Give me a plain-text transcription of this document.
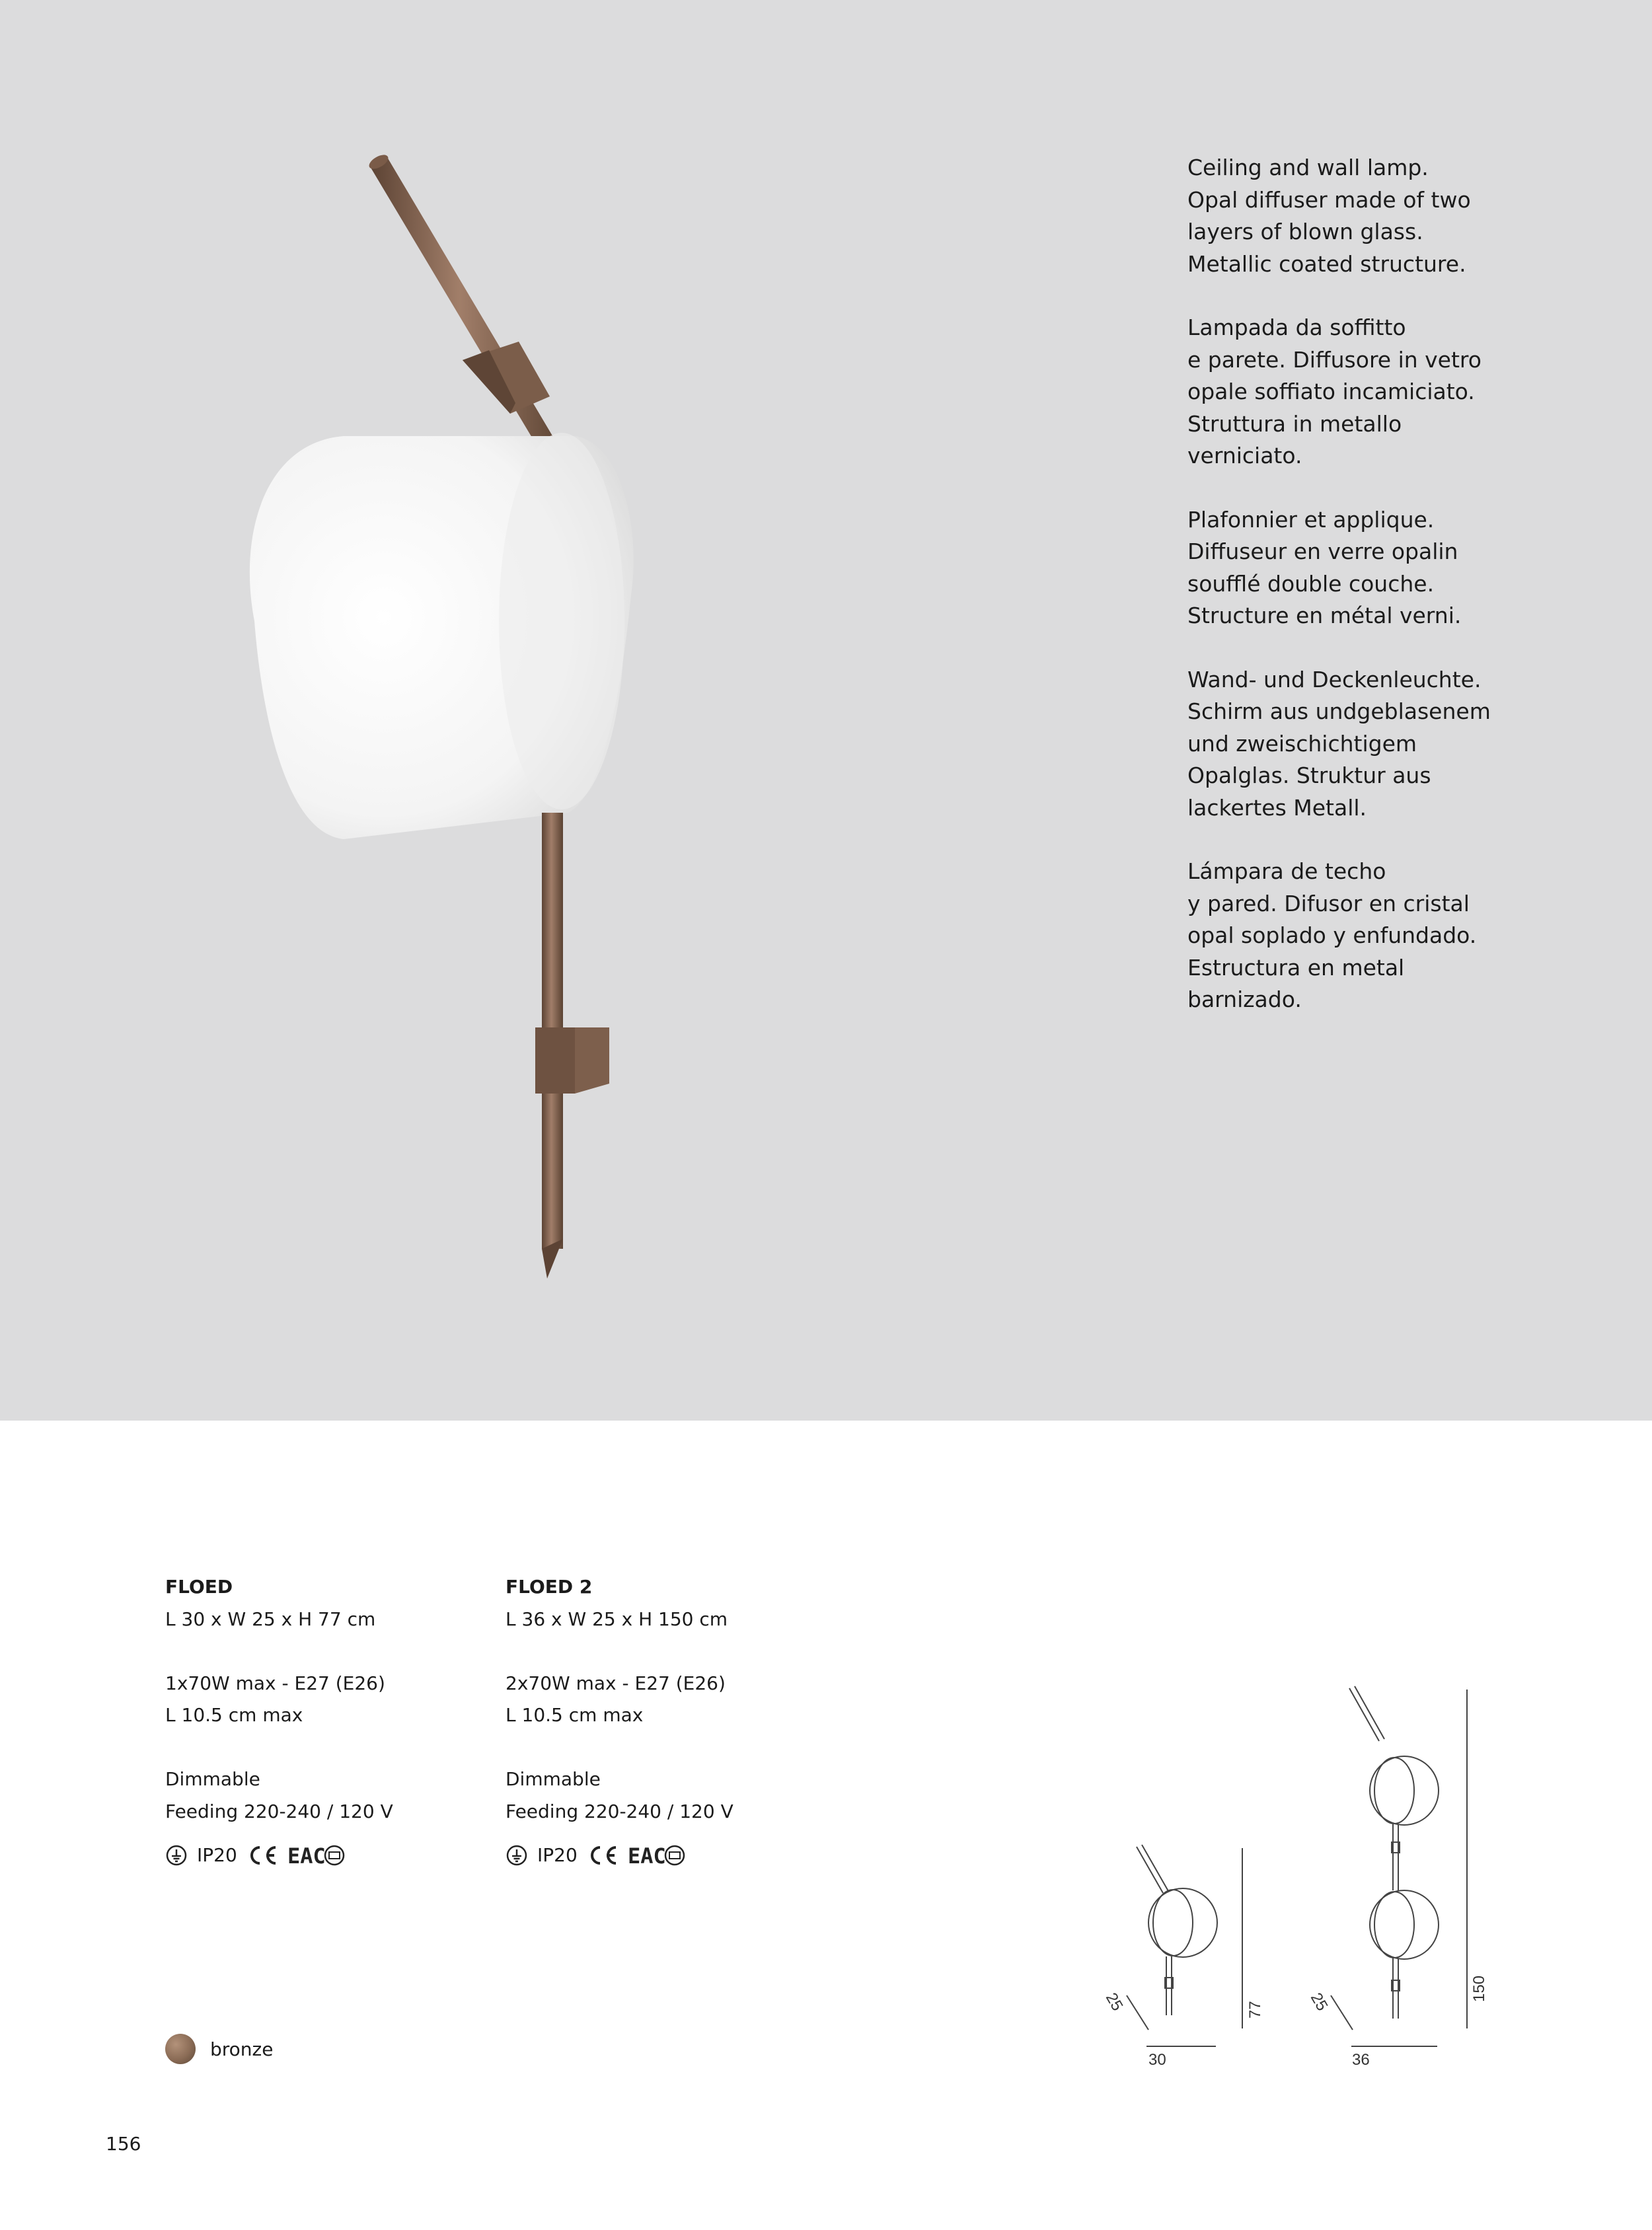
Ceiling and wall lamp.
Opal diffuser made of two
layers of blown glass.
Metallic coated structure.

Lampada da soffitto
e parete. Diffusore in vetro
opale soffiato incamiciato.
Struttura in metallo
verniciato.

Plafonnier et applique.
Diffuseur en verre opalin
soufflé double couche.
Structure en métal verni.

Wand- und Deckenleuchte.
Schirm aus undgeblasenem
und zweischichtigem
Opalglas. Struktur aus
lackertes Metall.

Lámpara de techo
y pared. Difusor en cristal
opal soplado y enfundado.
Estructura en metal
barnizado.

FLOED
L 30 x W 25 x H 77 cm
1x70W max - E27 (E26)
L 10.5 cm max
Dimmable
Feeding 220-240 / 120 V
IP20 EAC
FLOED 2
L 36 x W 25 x H 150 cm
2x70W max - E27 (E26)
L 10.5 cm max
Dimmable
Feeding 220-240 / 120 V
IP20 EAC
25	77
30
25	150
36
bronze
156
